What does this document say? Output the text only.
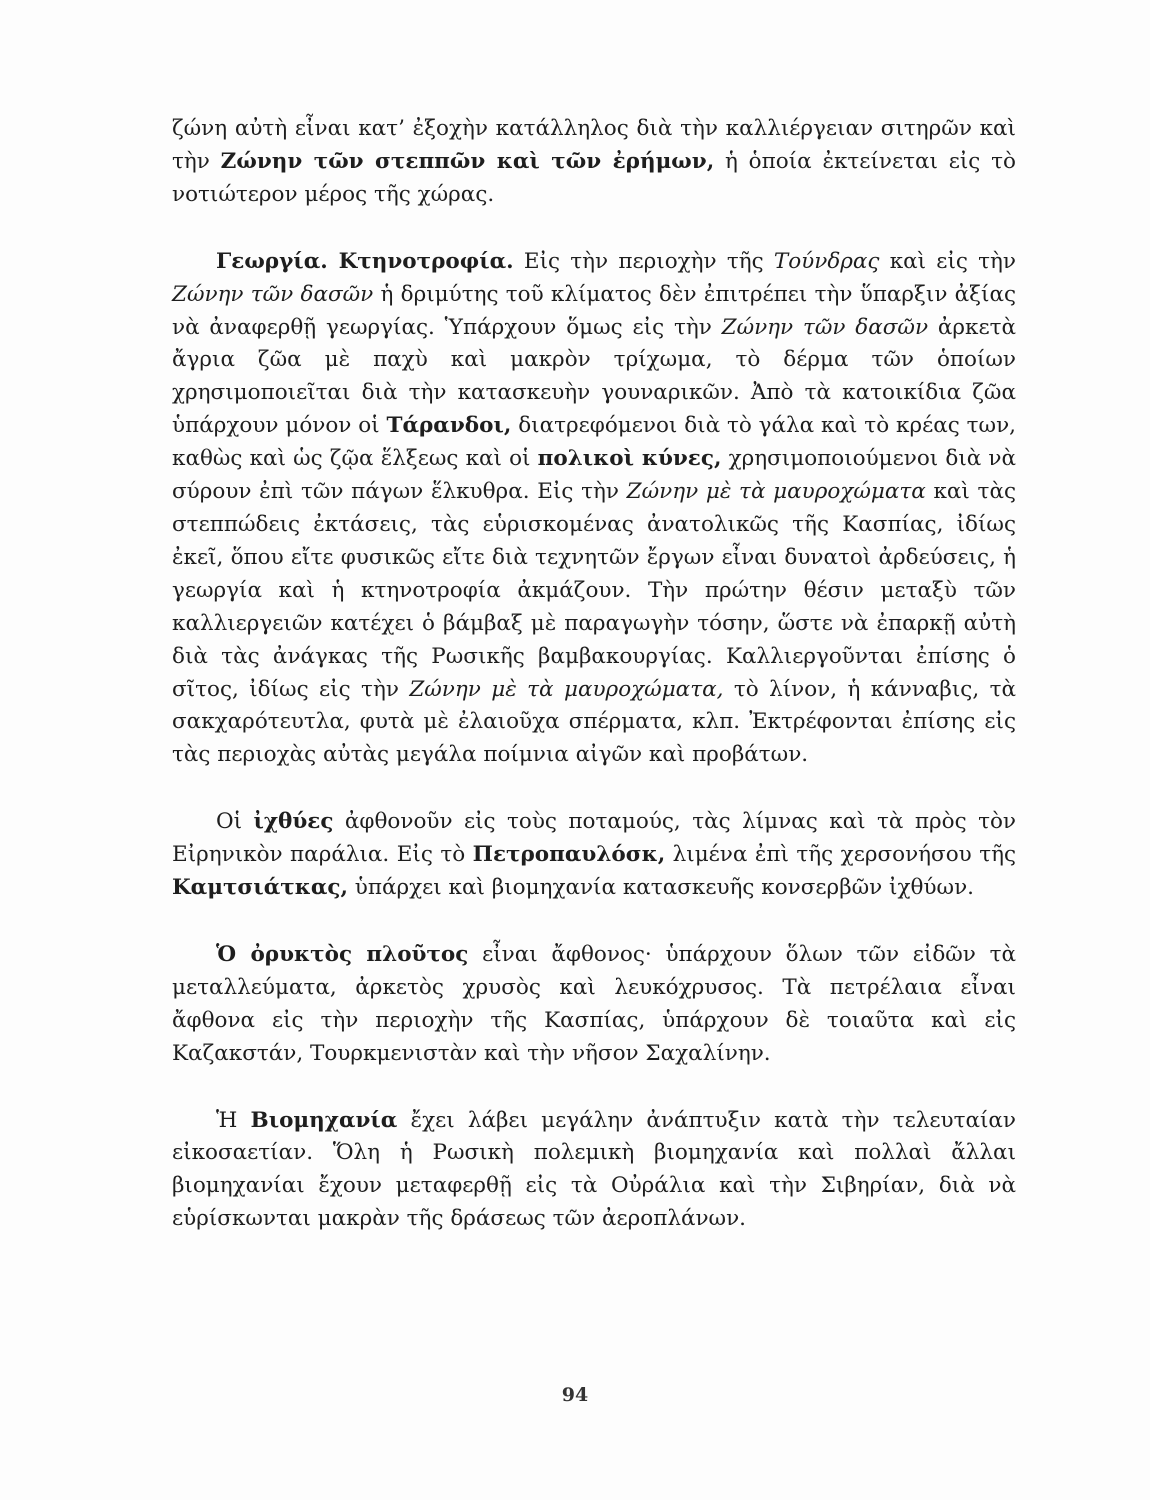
ζώνη αὐτὴ εἶναι κατ’ ἐξοχὴν κατάλληλος διὰ τὴν καλλιέργειαν σιτηρῶν καὶ τὴν Ζώνην τῶν στεππῶν καὶ τῶν ἐρήμων, ἡ ὁποία ἐκτείνεται εἰς τὸ νοτιώτερον μέρος τῆς χώρας.

Γεωργία. Κτηνοτροφία. Εἰς τὴν περιοχὴν τῆς Τούνδρας καὶ εἰς τὴν Ζώνην τῶν δασῶν ἡ δριμύτης τοῦ κλίματος δὲν ἐπιτρέπει τὴν ὕπαρξιν ἀξίας νὰ ἀναφερθῇ γεωργίας. Ὑπάρχουν ὅμως εἰς τὴν Ζώνην τῶν δασῶν ἀρκετὰ ἄγρια ζῶα μὲ παχὺ καὶ μακρὸν τρίχωμα, τὸ δέρμα τῶν ὁποίων χρησιμοποιεῖται διὰ τὴν κατασκευὴν γουναρικῶν. Ἀπὸ τὰ κατοικίδια ζῶα ὑπάρχουν μόνον οἱ Τάρανδοι, διατρεφόμενοι διὰ τὸ γάλα καὶ τὸ κρέας των, καθὼς καὶ ὡς ζῷα ἕλξεως καὶ οἱ πολικοὶ κύνες, χρησιμοποιούμενοι διὰ νὰ σύρουν ἐπὶ τῶν πάγων ἕλκυθρα. Εἰς τὴν Ζώνην μὲ τὰ μαυροχώματα καὶ τὰς στεππώδεις ἐκτάσεις, τὰς εὑρισκομένας ἀνατολικῶς τῆς Κασπίας, ἰδίως ἐκεῖ, ὅπου εἴτε φυσικῶς εἴτε διὰ τεχνητῶν ἔργων εἶναι δυνατοὶ ἀρδεύσεις, ἡ γεωργία καὶ ἡ κτηνοτροφία ἀκμάζουν. Τὴν πρώτην θέσιν μεταξὺ τῶν καλλιεργειῶν κατέχει ὁ βάμβαξ μὲ παραγωγὴν τόσην, ὥστε νὰ ἐπαρκῇ αὐτὴ διὰ τὰς ἀνάγκας τῆς Ρωσικῆς βαμβακουργίας. Καλλιεργοῦνται ἐπίσης ὁ σῖτος, ἰδίως εἰς τὴν Ζώνην μὲ τὰ μαυροχώματα, τὸ λίνον, ἡ κάνναβις, τὰ σακχαρότευτλα, φυτὰ μὲ ἐλαιοῦχα σπέρματα, κλπ. Ἐκτρέφονται ἐπίσης εἰς τὰς περιοχὰς αὐτὰς μεγάλα ποίμνια αἰγῶν καὶ προβάτων.

Οἱ ἰχθύες ἀφθονοῦν εἰς τοὺς ποταμούς, τὰς λίμνας καὶ τὰ πρὸς τὸν Εἰρηνικὸν παράλια. Εἰς τὸ Πετροπαυλόσκ, λιμένα ἐπὶ τῆς χερσονήσου τῆς Καμτσιάτκας, ὑπάρχει καὶ βιομηχανία κατασκευῆς κονσερβῶν ἰχθύων.

Ὁ ὀρυκτὸς πλοῦτος εἶναι ἄφθονος· ὑπάρχουν ὅλων τῶν εἰδῶν τὰ μεταλλεύματα, ἀρκετὸς χρυσὸς καὶ λευκόχρυσος. Τὰ πετρέλαια εἶναι ἄφθονα εἰς τὴν περιοχὴν τῆς Κασπίας, ὑπάρχουν δὲ τοιαῦτα καὶ εἰς Καζακστάν, Τουρκμενιστὰν καὶ τὴν νῆσον Σαχαλίνην.

Ἡ Βιομηχανία ἔχει λάβει μεγάλην ἀνάπτυξιν κατὰ τὴν τελευταίαν εἰκοσαετίαν. Ὅλη ἡ Ρωσικὴ πολεμικὴ βιομηχανία καὶ πολλαὶ ἄλλαι βιομηχανίαι ἔχουν μεταφερθῇ εἰς τὰ Οὐράλια καὶ τὴν Σιβηρίαν, διὰ νὰ εὑρίσκωνται μακρὰν τῆς δράσεως τῶν ἀεροπλάνων.

94
